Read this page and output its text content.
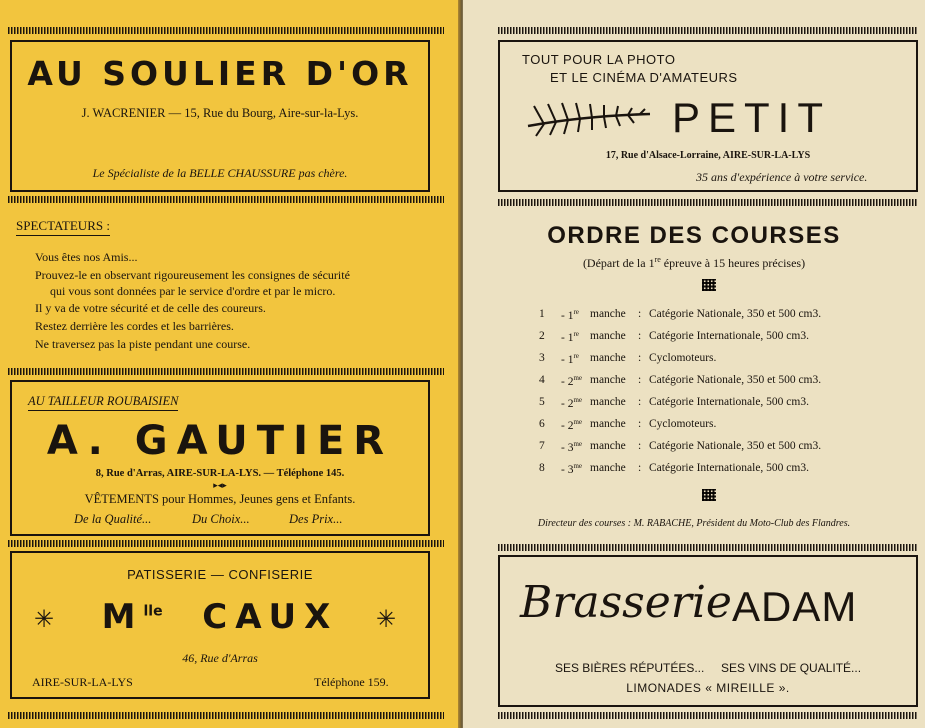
AU SOULIER D'OR
J. WACRENIER — 15, Rue du Bourg, Aire-sur-la-Lys.
Le Spécialiste de la BELLE CHAUSSURE pas chère.
SPECTATEURS :
Vous êtes nos Amis...
Prouvez-le en observant rigoureusement les consignes de sécurité
qui vous sont données par le service d'ordre et par le micro.
Il y va de votre sécurité et de celle des coureurs.
Restez derrière les cordes et les barrières.
Ne traversez pas la piste pendant une course.
AU TAILLEUR ROUBAISIEN
A. GAUTIER
8, Rue d'Arras, AIRE-SUR-LA-LYS. — Téléphone 145.
▸◂▸
VÊTEMENTS pour Hommes, Jeunes gens et Enfants.
De la Qualité...	Du Choix...	Des Prix...
PATISSERIE — CONFISERIE
✳	✳
$M^{lle}$ CAUX
46, Rue d'Arras
AIRE-SUR-LA-LYS	Téléphone 159.
TOUT POUR LA PHOTO
ET LE CINÉMA D'AMATEURS
PETIT
17, Rue d'Alsace-Lorraine, AIRE-SUR-LA-LYS
35 ans d'expérience à votre service.
ORDRE DES COURSES
(Départ de la 1re épreuve à 15 heures précises)
1 - 1re manche : Catégorie Nationale, 350 et 500 cm3.
2 - 1re manche : Catégorie Internationale, 500 cm3.
3 - 1re manche : Cyclomoteurs.
$4 - 2^{me}$ manche : Catégorie Nationale, 350 et 500 cm3.
$5 - 2^{me}$ manche : Catégorie Internationale, 500 cm3.
$6 - 2^{me}$ manche : Cyclomoteurs.
$7 - 3^{me}$ manche : Catégorie Nationale, 350 et 500 cm3.
$8 - 3^{me}$ manche : Catégorie Internationale, 500 cm3.
Directeur des courses : M. RABACHE, Président du Moto-Club des Flandres.
Brasserie ADAM
SES BIÈRES RÉPUTÉES...     SES VINS DE QUALITÉ...
LIMONADES « MIREILLE ».
